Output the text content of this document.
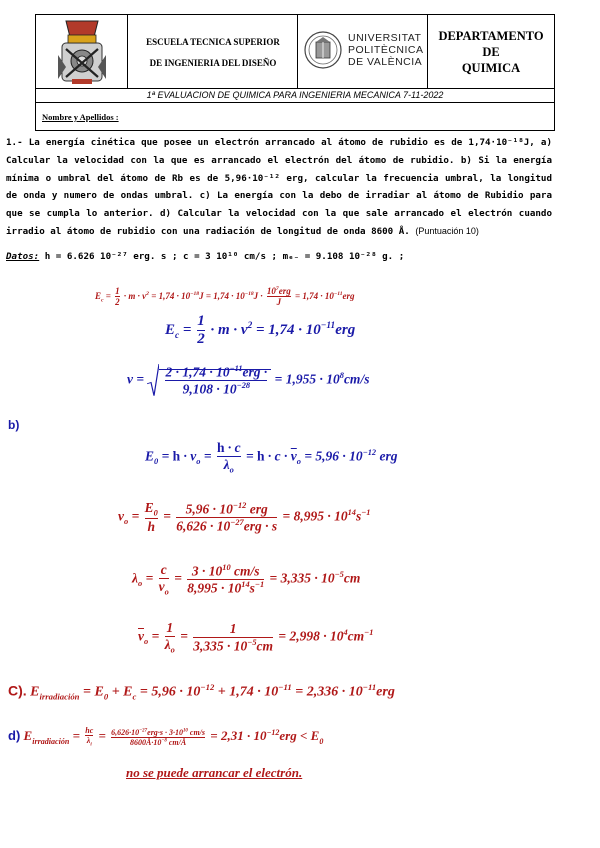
ESCUELA TECNICA SUPERIOR
DE INGENIERIA DEL DISEÑO
UNIVERSITAT
POLITÈCNICA
DE VALÈNCIA
DEPARTAMENTO
DE
QUIMICA
1ª EVALUACION DE QUIMICA PARA INGENIERIA MECANICA 7-11-2022
Nombre y Apellidos :
1.- La energía cinética que posee un electrón arrancado al átomo de rubidio es de 1,74·10⁻¹⁸J, a) Calcular la velocidad con la que es arrancado el electrón del átomo de rubidio. b) Si la energía mínima o umbral del átomo de Rb es de 5,96·10⁻¹² erg, calcular la frecuencia umbral, la longitud de onda y numero de ondas umbral. c) La energía con la debo de irradiar al átomo de Rubidio para que se cumpla lo anterior. d) Calcular la velocidad con la que sale arrancado el electrón cuando irradio al átomo de rubidio con una radiación de longitud de onda 8600 Å. (Puntuación 10)
Datos: h = 6.626 10⁻²⁷ erg. s ; c = 3 10¹⁰ cm/s ; mₑ₋ = 9.108 10⁻²⁸ g. ;
$E_c = \frac{1}{2} \cdot m \cdot v^2 = 1,74 \cdot 10^{-18}J = 1,74 \cdot 10^{-18}J \cdot \frac{10^7erg}{J} = 1,74 \cdot 10^{-11}erg$
$E_c = \frac{1}{2} \cdot m \cdot v^2 = 1,74 \cdot 10^{-11}erg$
$v = \frac{2 \cdot 1,74 \cdot 10^{-11}erg \cdot}{9,108 \cdot 10^{-28}} = 1,955 \cdot 10^8cm/s$
b)
$E_0 = h \cdot \nu_o = \frac{h \cdot c}{\lambda_o} = h \cdot c \cdot \overline{\nu}_o = 5,96 \cdot 10^{-12}$ erg
$\nu_o = \frac{E_0}{h} = \frac{5,96 \cdot 10^{-12} erg}{6,626 \cdot 10^{-27}erg \cdot s} = 8,995 \cdot 10^{14}s^{-1}$
$\lambda_o = \frac{c}{\nu_o} = \frac{3 \cdot 10^{10} cm/s}{8,995 \cdot 10^{14}s^{-1}} = 3,335 \cdot 10^{-5}cm$
$\overline{\nu}_o = \frac{1}{\lambda_o} = \frac{1}{3,335 \cdot 10^{-5}cm} = 2,998 \cdot 10^4cm^{-1}$
C). $E_{irradiación} = E_0 + E_c = 5,96 \cdot 10^{-12} + 1,74 \cdot 10^{-11} = 2,336 \cdot 10^{-11}erg$
d) $E_{irradiación} = \frac{hc}{\lambda_i} = \frac{6,626\cdot 10^{-27}erg\cdot s \cdot 3\cdot 10^{10} cm/s}{8600Å\cdot 10^{-8} cm/Å} = 2,31 \cdot 10^{-12}erg < E_0$
no se puede arrancar el electrón.
